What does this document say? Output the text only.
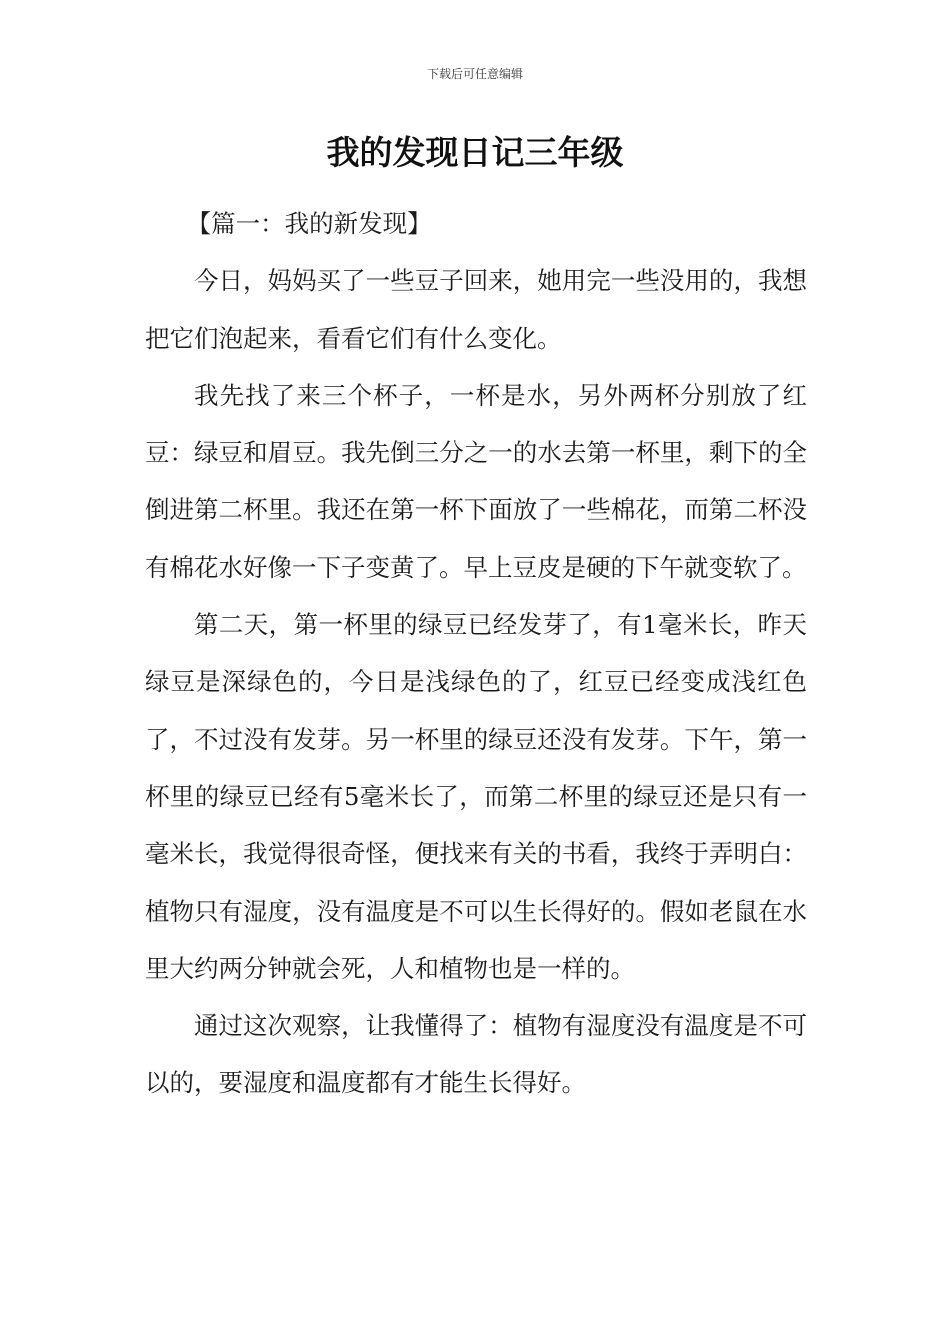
下载后可任意编辑
我的发现日记三年级
【篇一：我的新发现】

今日，妈妈买了一些豆子回来，她用完一些没用的，我想把它们泡起来，看看它们有什么变化。

我先找了来三个杯子，一杯是水，另外两杯分别放了红豆：绿豆和眉豆。我先倒三分之一的水去第一杯里，剩下的全倒进第二杯里。我还在第一杯下面放了一些棉花，而第二杯没有棉花水好像一下子变黄了。早上豆皮是硬的下午就变软了。

第二天，第一杯里的绿豆已经发芽了，有1毫米长，昨天绿豆是深绿色的，今日是浅绿色的了，红豆已经变成浅红色了，不过没有发芽。另一杯里的绿豆还没有发芽。下午，第一杯里的绿豆已经有5毫米长了，而第二杯里的绿豆还是只有一毫米长，我觉得很奇怪，便找来有关的书看，我终于弄明白：植物只有湿度，没有温度是不可以生长得好的。假如老鼠在水里大约两分钟就会死，人和植物也是一样的。

通过这次观察，让我懂得了：植物有湿度没有温度是不可以的，要湿度和温度都有才能生长得好。
